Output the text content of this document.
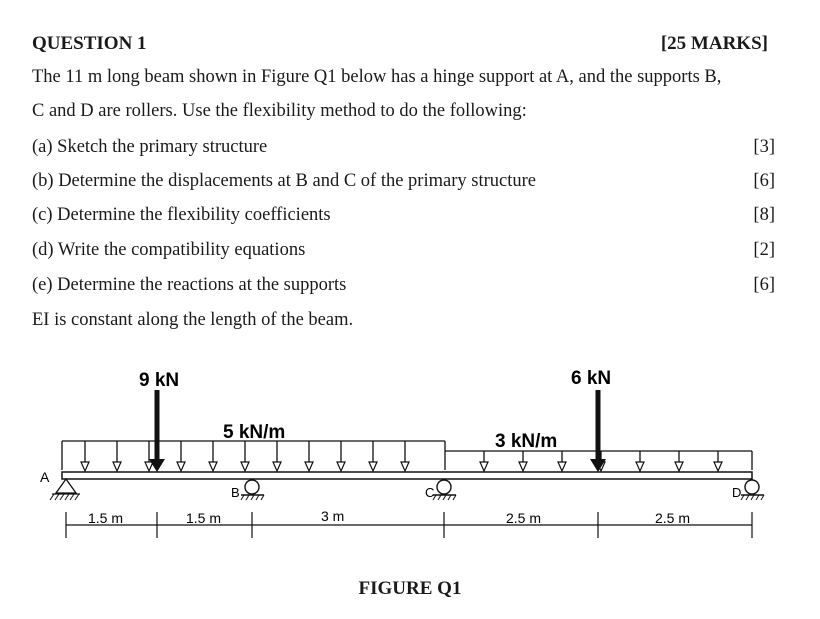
QUESTION 1	[25 MARKS]
The 11 m long beam shown in Figure Q1 below has a hinge support at A, and the supports B,
C and D are rollers. Use the flexibility method to do the following:
(a) Sketch the primary structure	[3]
(b) Determine the displacements at B and C of the primary structure	[6]
(c) Determine the flexibility coefficients	[8]
(d) Write the compatibility equations	[2]
(e) Determine the reactions at the supports	[6]
EI is constant along the length of the beam.
9 kN	6 kN
5 kN/m	3 kN/m
A
B	C	D
1.5 m	1.5 m	3 m	2.5 m	2.5 m
FIGURE Q1
